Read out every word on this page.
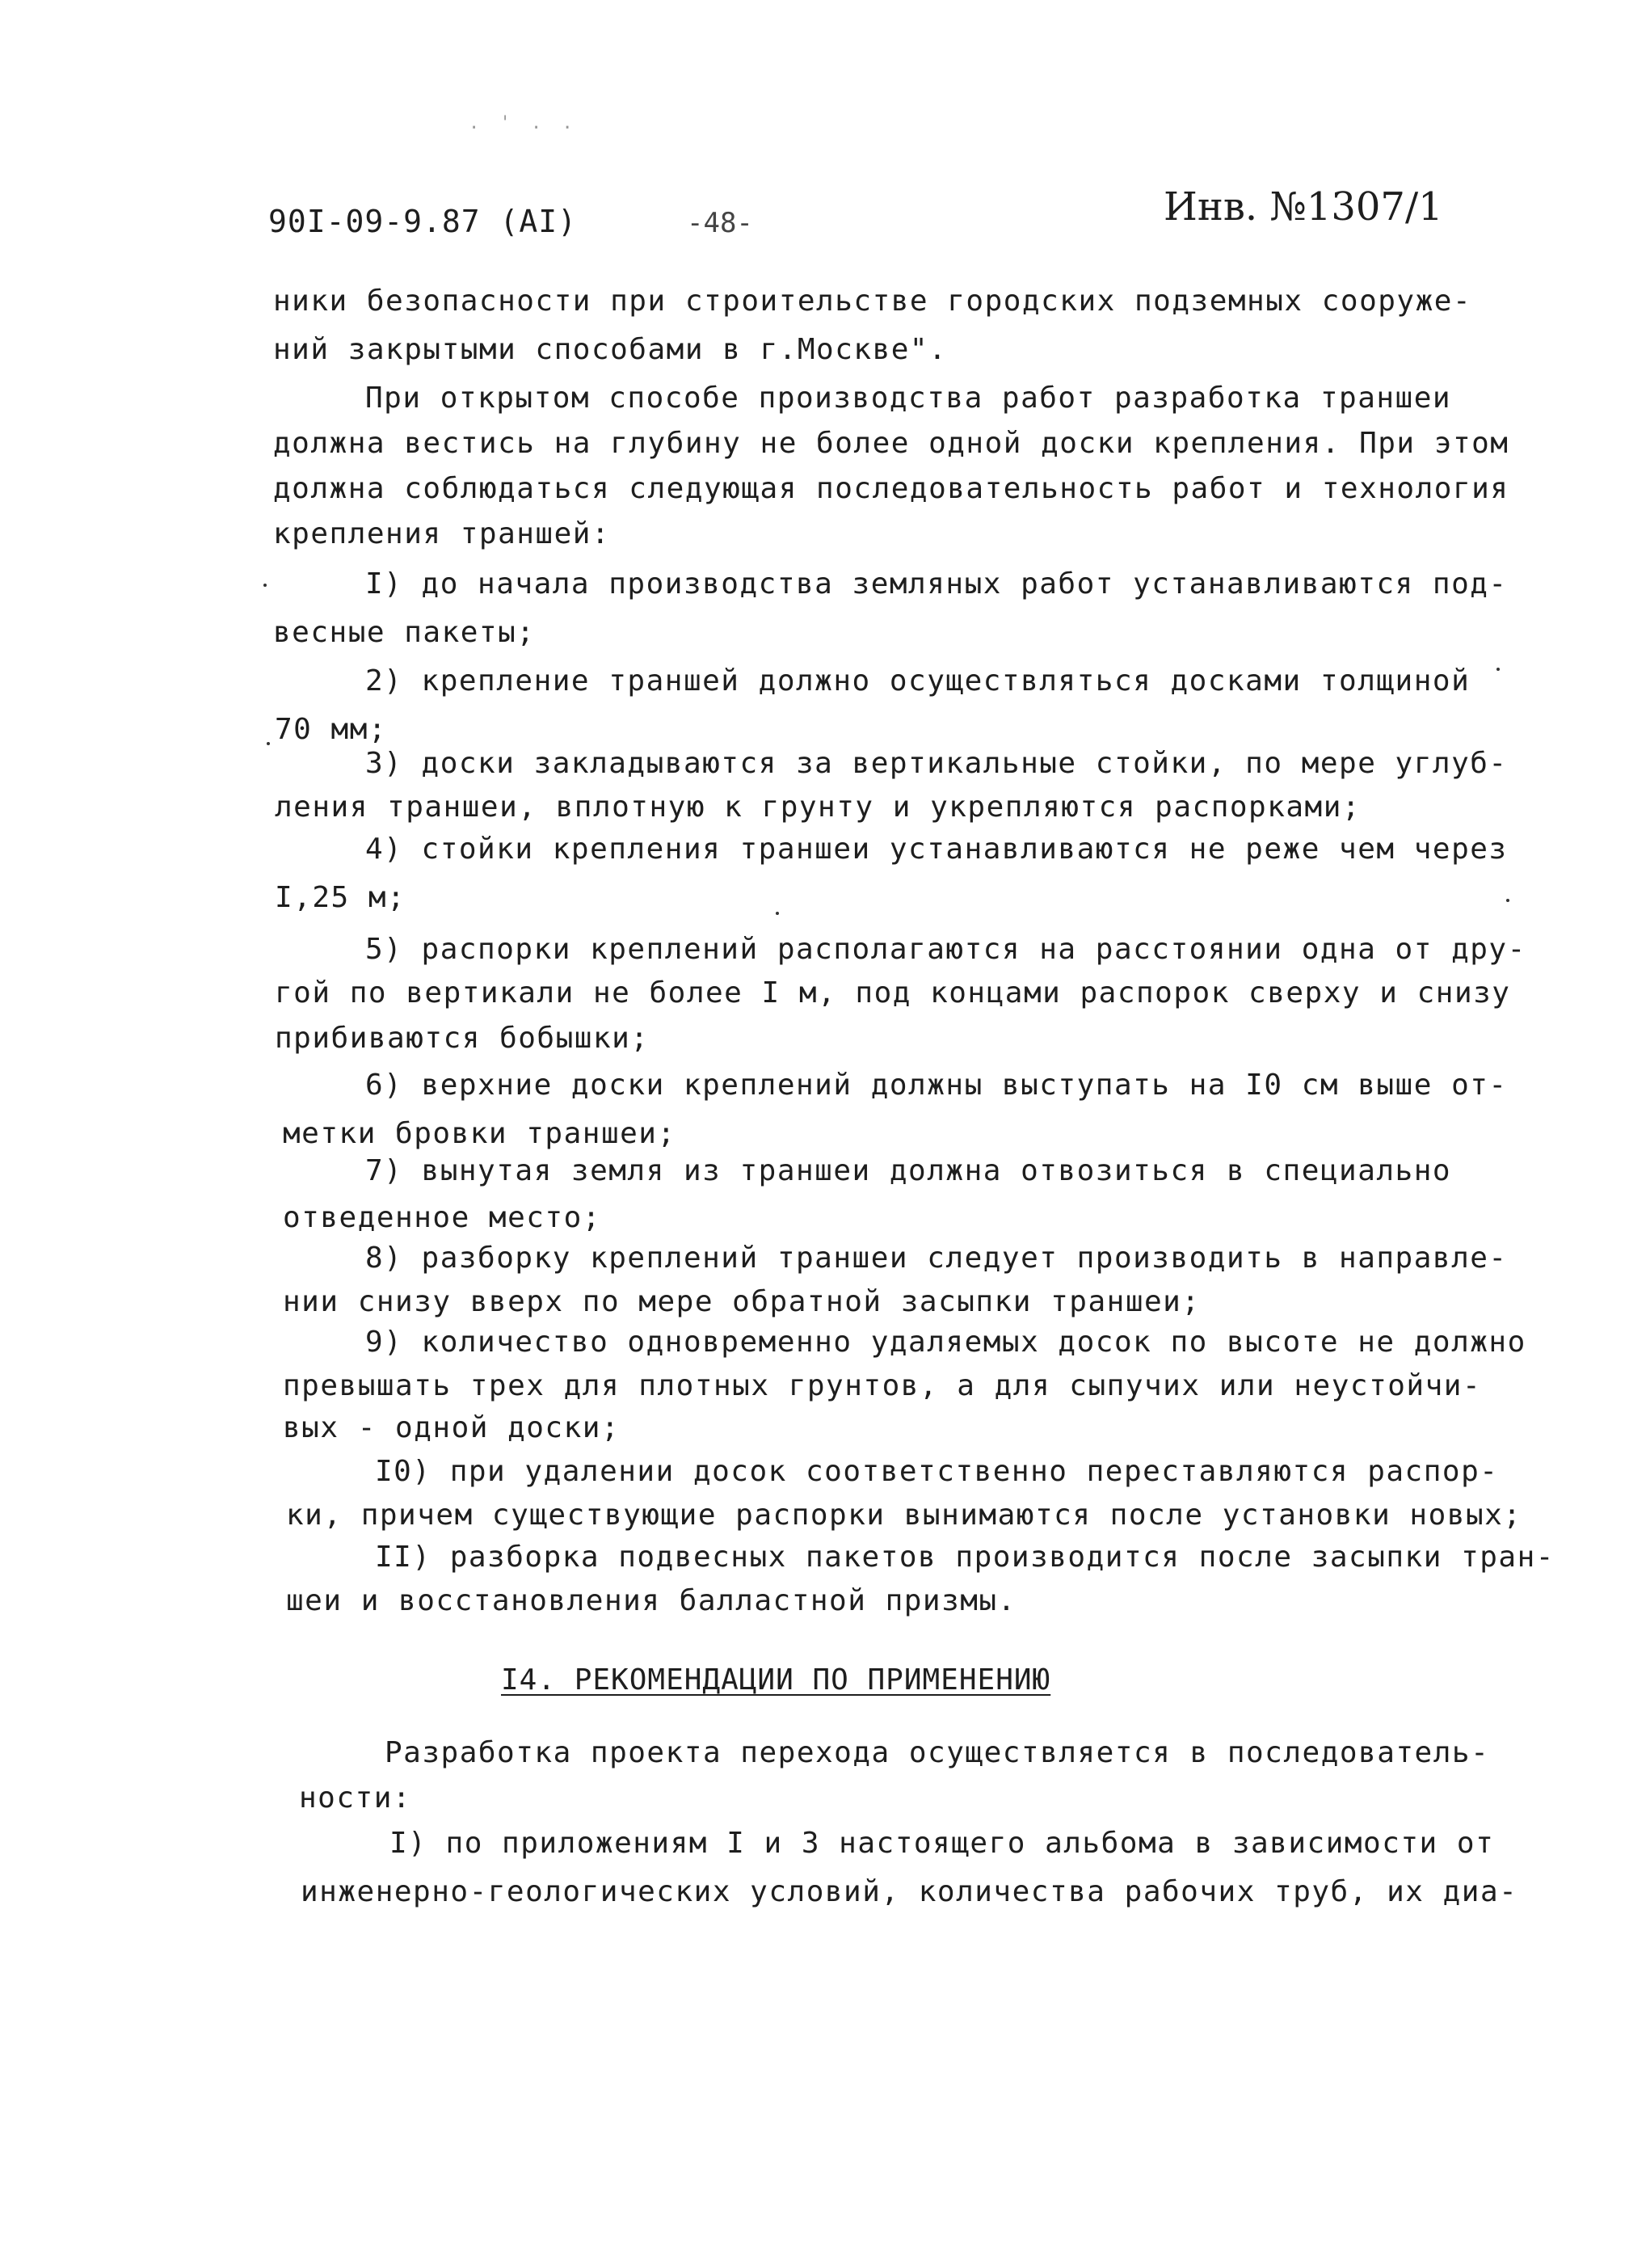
. ' . .
90I-09-9.87 (AI)	-48-	Инв. №1307/1
ники безопасности при строительстве городских подземных сооруже-
ний закрытыми способами в г.Москве".
При открытом способе производства работ разработка траншеи
должна вестись на глубину не более одной доски крепления. При этом
должна соблюдаться следующая последовательность работ и технология
крепления траншей:
I) до начала производства земляных работ устанавливаются под-
весные пакеты;
2) крепление траншей должно осуществляться досками толщиной
70 мм;
3) доски закладываются за вертикальные стойки, по мере углуб-
ления траншеи, вплотную к грунту и укрепляются распорками;
4) стойки крепления траншеи устанавливаются не реже чем через
I,25 м;
5) распорки креплений располагаются на расстоянии одна от дру-
гой по вертикали не более I м, под концами распорок сверху и снизу
прибиваются бобышки;
6) верхние доски креплений должны выступать на I0 см выше от-
метки бровки траншеи;
7) вынутая земля из траншеи должна отвозиться в специально
отведенное место;
8) разборку креплений траншеи следует производить в направле-
нии снизу вверх по мере обратной засыпки траншеи;
9) количество одновременно удаляемых досок по высоте не должно
превышать трех для плотных грунтов, а для сыпучих или неустойчи-
вых - одной доски;
I0) при удалении досок соответственно переставляются распор-
ки, причем существующие распорки вынимаются после установки новых;
II) разборка подвесных пакетов производится после засыпки тран-
шеи и восстановления балластной призмы.
I4. РЕКОМЕНДАЦИИ ПО ПРИМЕНЕНИЮ
Разработка проекта перехода осуществляется в последователь-
ности:
I) по приложениям I и 3 настоящего альбома в зависимости от
инженерно-геологических условий, количества рабочих труб, их диа-
